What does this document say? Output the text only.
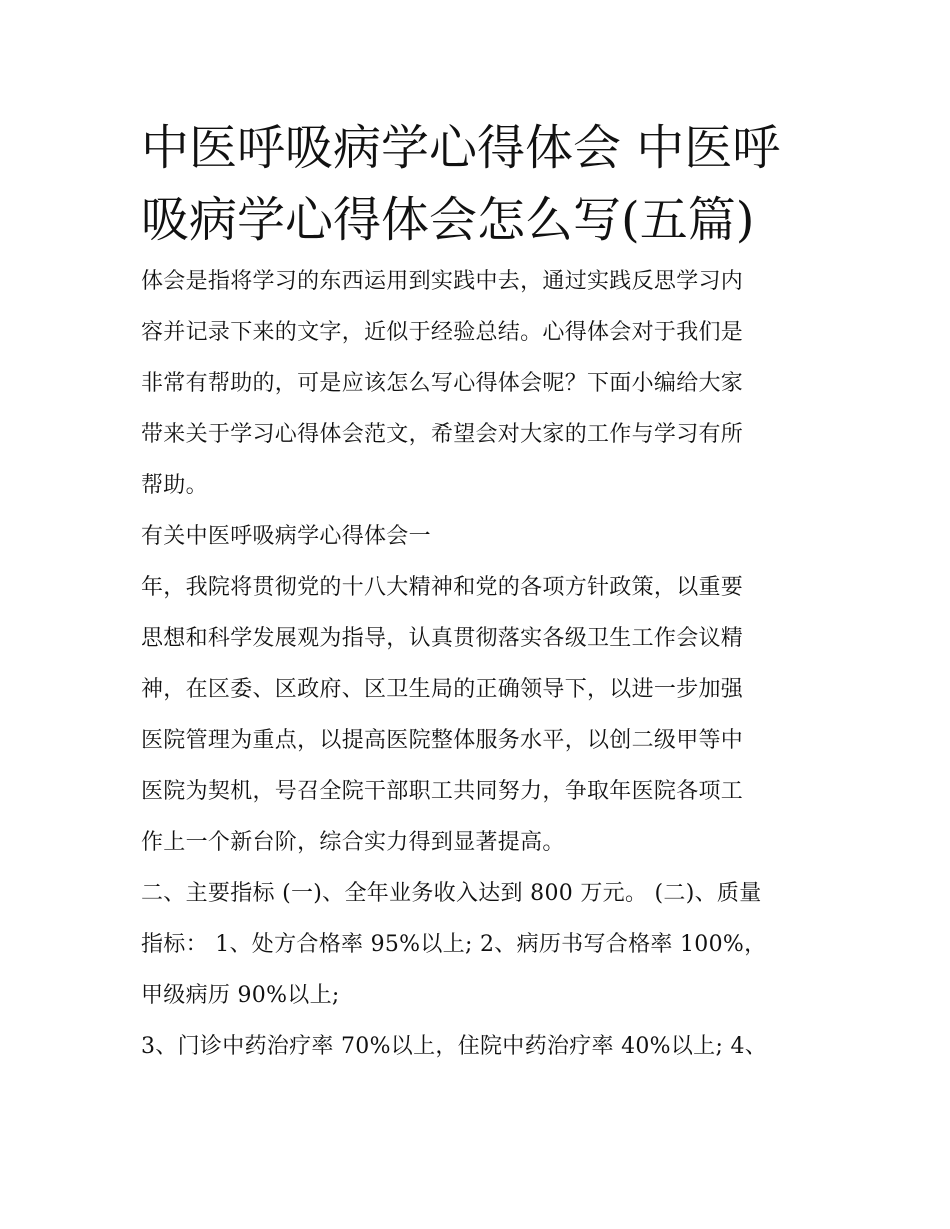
中医呼吸病学心得体会 中医呼
吸病学心得体会怎么写(五篇)
体会是指将学习的东西运用到实践中去，通过实践反思学习内
容并记录下来的文字，近似于经验总结。心得体会对于我们是
非常有帮助的，可是应该怎么写心得体会呢？下面小编给大家
带来关于学习心得体会范文，希望会对大家的工作与学习有所
帮助。
有关中医呼吸病学心得体会一
年，我院将贯彻党的十八大精神和党的各项方针政策，以重要
思想和科学发展观为指导，认真贯彻落实各级卫生工作会议精
神，在区委、区政府、区卫生局的正确领导下，以进一步加强
医院管理为重点，以提高医院整体服务水平，以创二级甲等中
医院为契机，号召全院干部职工共同努力，争取年医院各项工
作上一个新台阶，综合实力得到显著提高。
二、主要指标 (一)、全年业务收入达到 800 万元。 (二)、质量
指标： 1、处方合格率 95%以上; 2、病历书写合格率 100%，
甲级病历 90%以上;
3、门诊中药治疗率 70%以上，住院中药治疗率 40%以上; 4、
